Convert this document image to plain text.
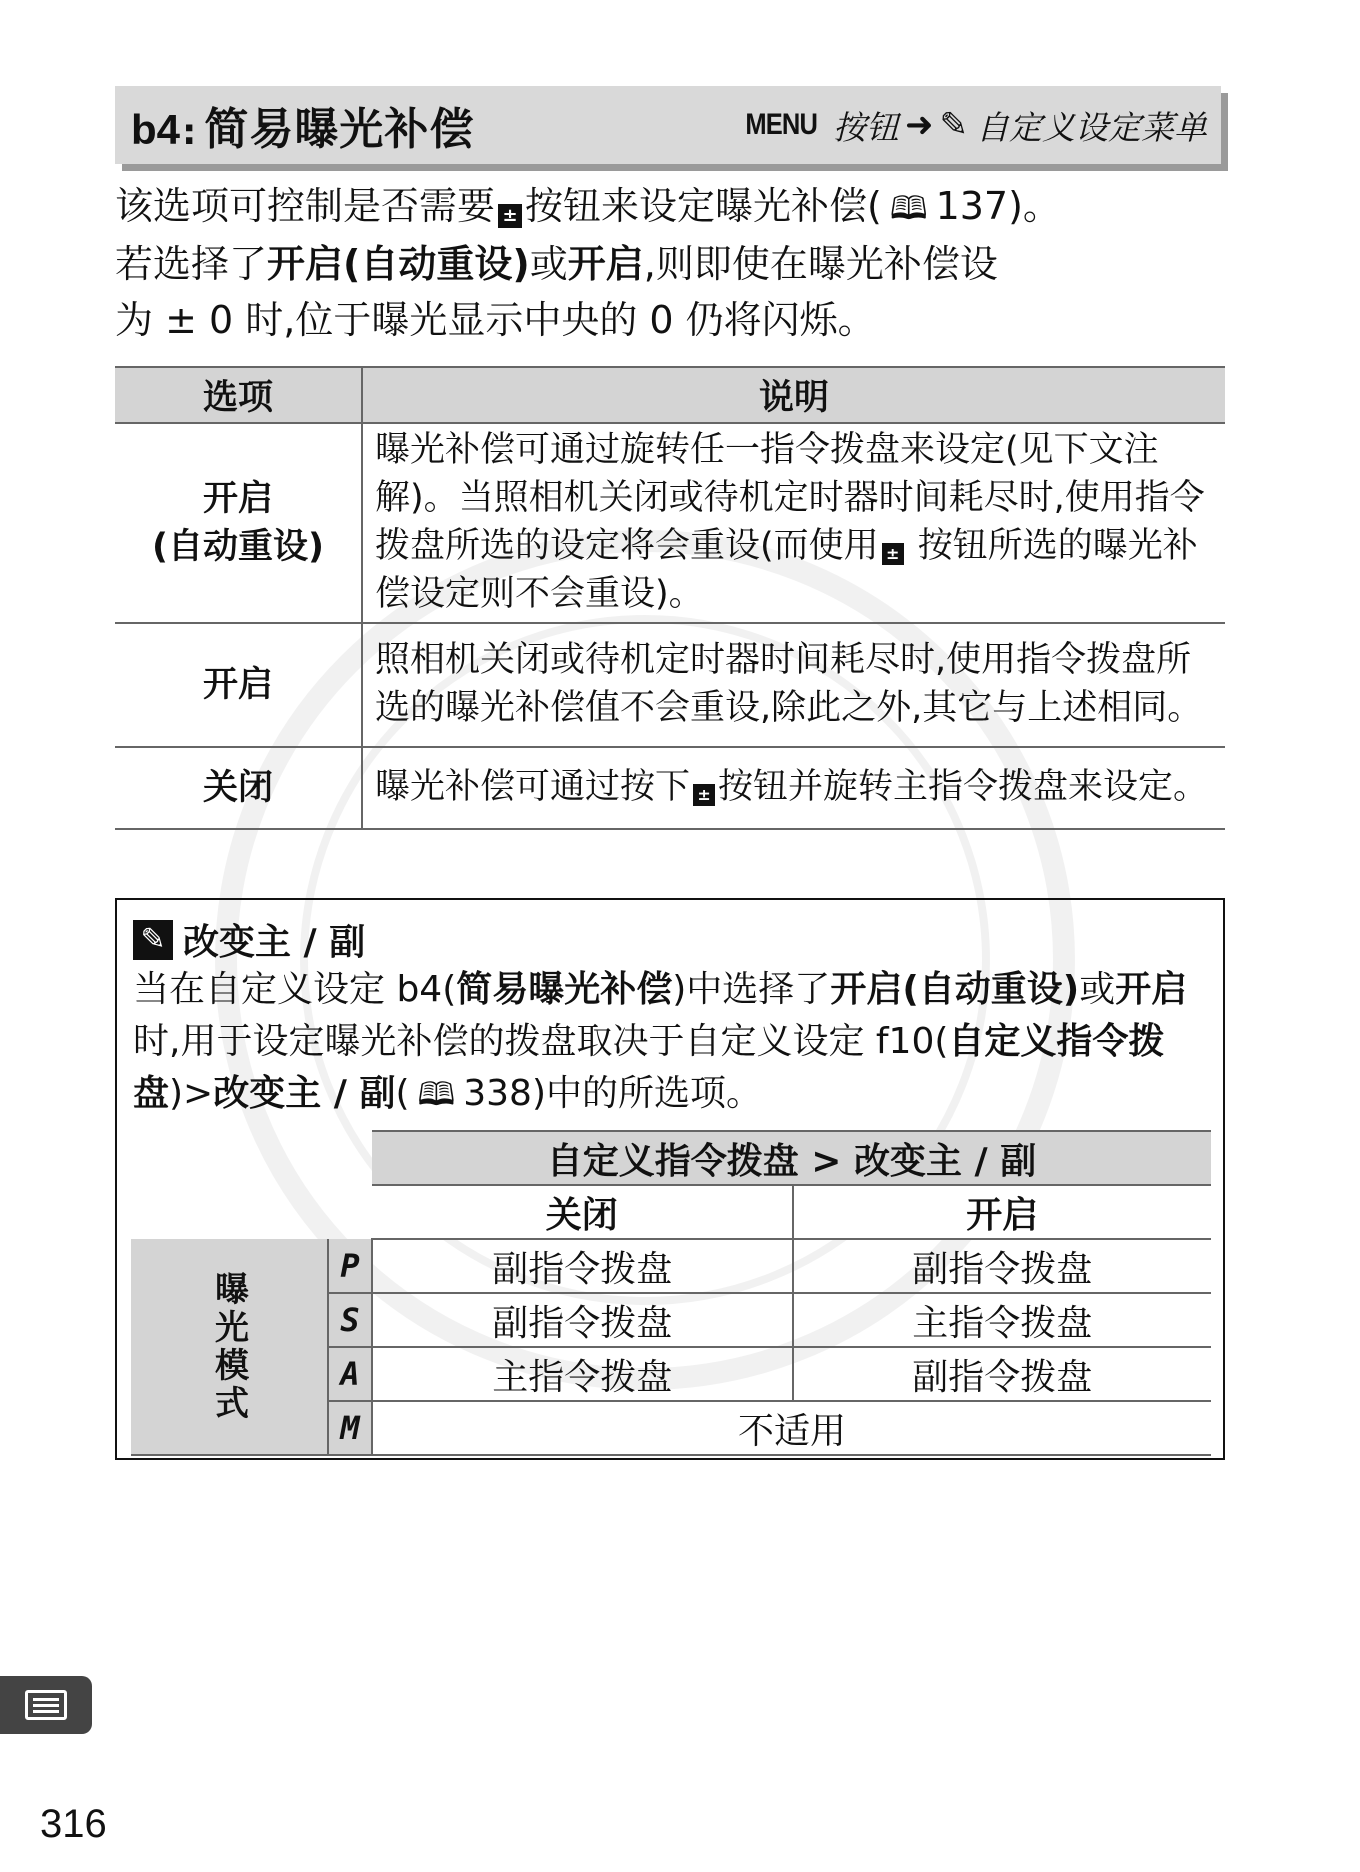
b4 : 简易曝光补偿	MENU 按钮 ➜ ✎ 自定义设定菜单

该选项可控制是否需要 ± 按钮来设定曝光补偿( 🕮 137)。

若选择了开启(自动重设)或开启,则即使在曝光补偿设

为 ± 0 时,位于曝光显示中央的 0 仍将闪烁。

选项	说明

开启
(自动重设)	曝光补偿可通过旋转任一指令拨盘来设定(见下文注解)。当照相机关闭或待机定时器时间耗尽时,使用指令拨盘所选的设定将会重设(而使用 ± 按钮所选的曝光补偿设定则不会重设)。
开启	照相机关闭或待机定时器时间耗尽时,使用指令拨盘所选的曝光补偿值不会重设,除此之外,其它与上述相同。
关闭	曝光补偿可通过按下 ± 按钮并旋转主指令拨盘来设定。
✎ 改变主 / 副

当在自定义设定 b4(简易曝光补偿)中选择了开启(自动重设)或开启时,用于设定曝光补偿的拨盘取决于自定义设定 f10(自定义指令拨盘)>改变主 / 副( 🕮 338)中的所选项。

		自定义指令拨盘 > 改变主 / 副	
		关闭	开启
曝光模式	P	副指令拨盘	副指令拨盘
	S	副指令拨盘	主指令拨盘
	A	主指令拨盘	副指令拨盘
	M	不适用	
316
